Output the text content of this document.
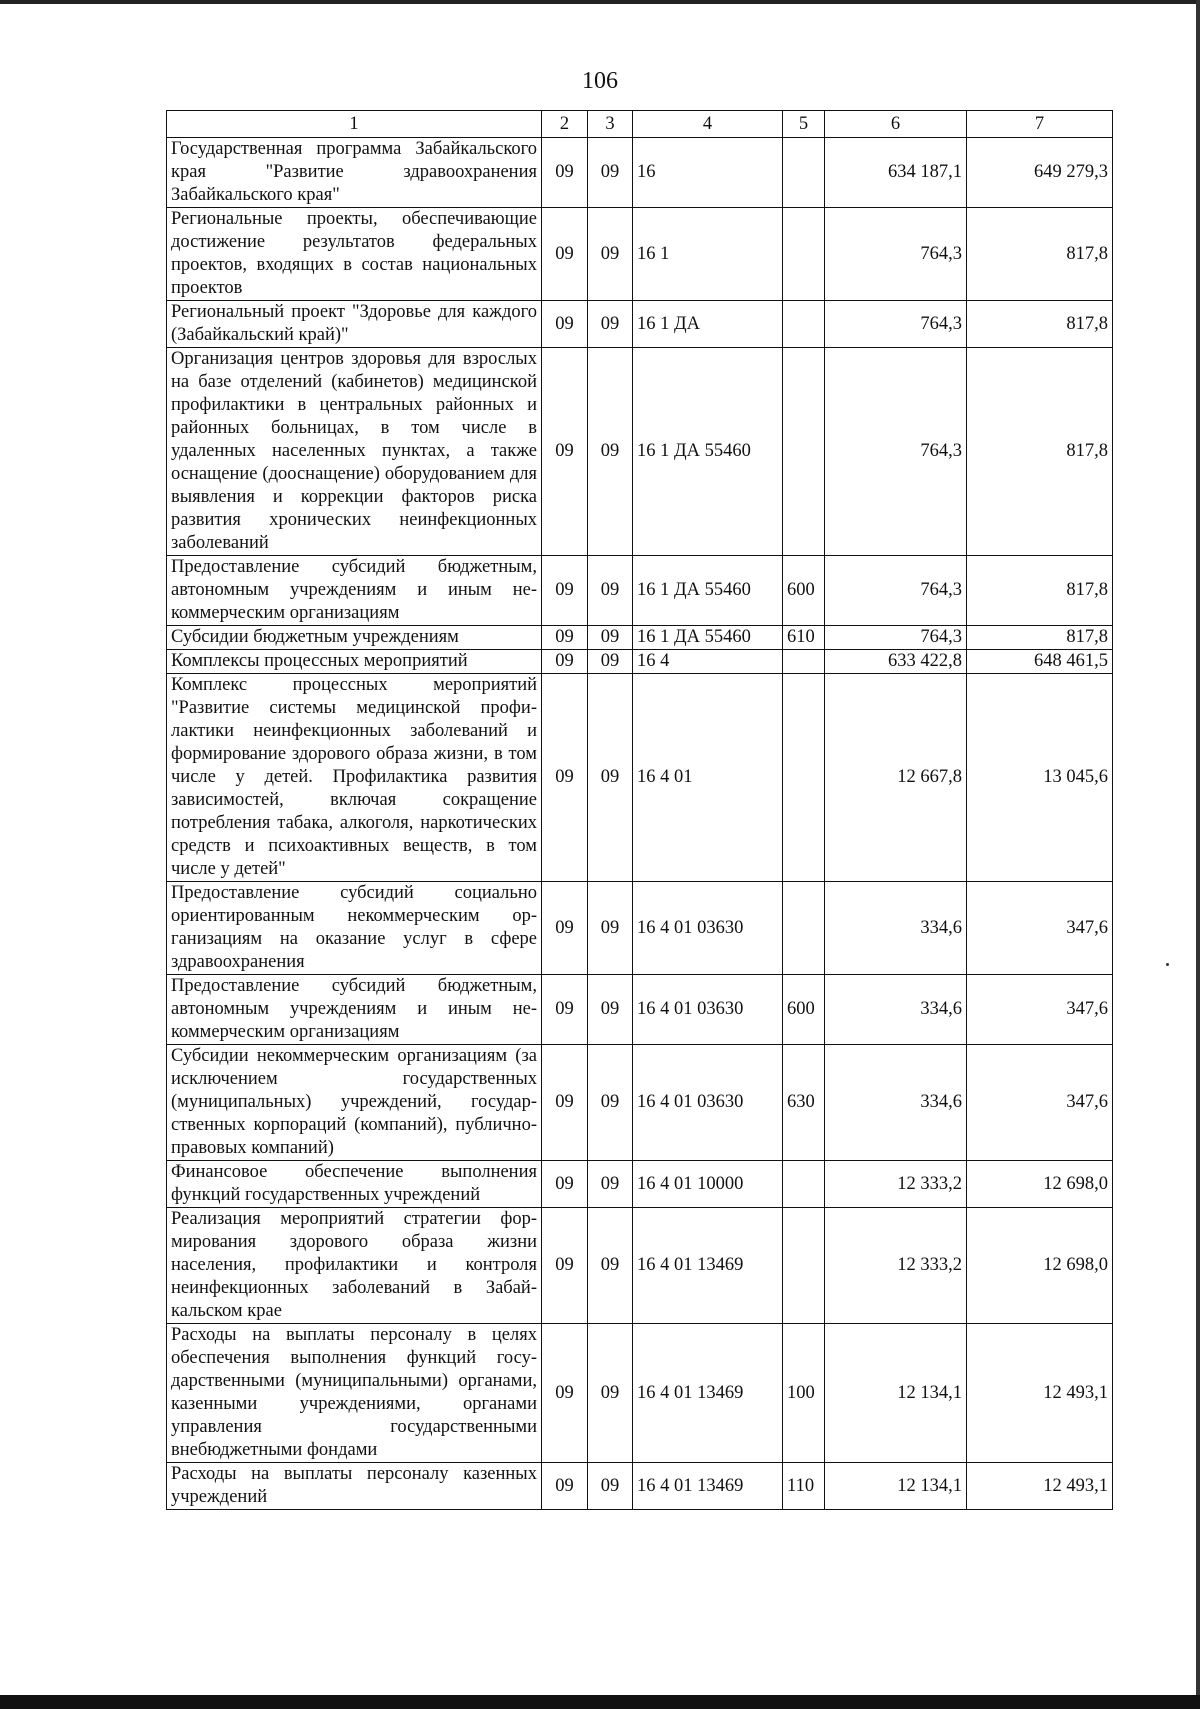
106
1	2	3	4	5	6	7
Государственная программа Забайкальского края "Развитие здравоохранения Забайкальского края"	09	09	16		634 187,1	649 279,3
Региональные проекты, обеспечивающие достижение результатов федеральных проектов, входящих в состав национальных проектов	09	09	16 1		764,3	817,8
Региональный проект "Здоровье для каждого (Забайкальский край)"	09	09	16 1 ДА		764,3	817,8
Организация центров здоровья для взрослых на базе отделений (кабинетов) медицинской профилактики в центральных районных и районных больницах, в том числе в удаленных населенных пунктах, а также оснащение (дооснащение) оборудованием для выявления и коррекции факторов риска развития хронических неинфекционных заболеваний	09	09	16 1 ДА 55460		764,3	817,8
Предоставление субсидий бюджетным, автономным учреждениям и иным некоммерческим организациям	09	09	16 1 ДА 55460	600	764,3	817,8
Субсидии бюджетным учреждениям	09	09	16 1 ДА 55460	610	764,3	817,8
Комплексы процессных мероприятий	09	09	16 4		633 422,8	648 461,5
Комплекс процессных мероприятий "Развитие системы медицинской профилактики неинфекционных заболеваний и формирование здорового образа жизни, в том числе у детей. Профилактика развития зависимостей, включая сокращение потребления табака, алкоголя, наркотических средств и психоактивных веществ, в том числе у детей"	09	09	16 4 01		12 667,8	13 045,6
Предоставление субсидий социально ориентированным некоммерческим организациям на оказание услуг в сфере здравоохранения	09	09	16 4 01 03630		334,6	347,6
Предоставление субсидий бюджетным, автономным учреждениям и иным некоммерческим организациям	09	09	16 4 01 03630	600	334,6	347,6
Субсидии некоммерческим организациям (за исключением государственных (муниципальных) учреждений, государственных корпораций (компаний), публично-правовых компаний)	09	09	16 4 01 03630	630	334,6	347,6
Финансовое обеспечение выполнения функций государственных учреждений	09	09	16 4 01 10000		12 333,2	12 698,0
Реализация мероприятий стратегии формирования здорового образа жизни населения, профилактики и контроля неинфекционных заболеваний в Забайкальском крае	09	09	16 4 01 13469		12 333,2	12 698,0
Расходы на выплаты персоналу в целях обеспечения выполнения функций государственными (муниципальными) органами, казенными учреждениями, органами управления государственными внебюджетными фондами	09	09	16 4 01 13469	100	12 134,1	12 493,1
Расходы на выплаты персоналу казенных учреждений	09	09	16 4 01 13469	110	12 134,1	12 493,1
